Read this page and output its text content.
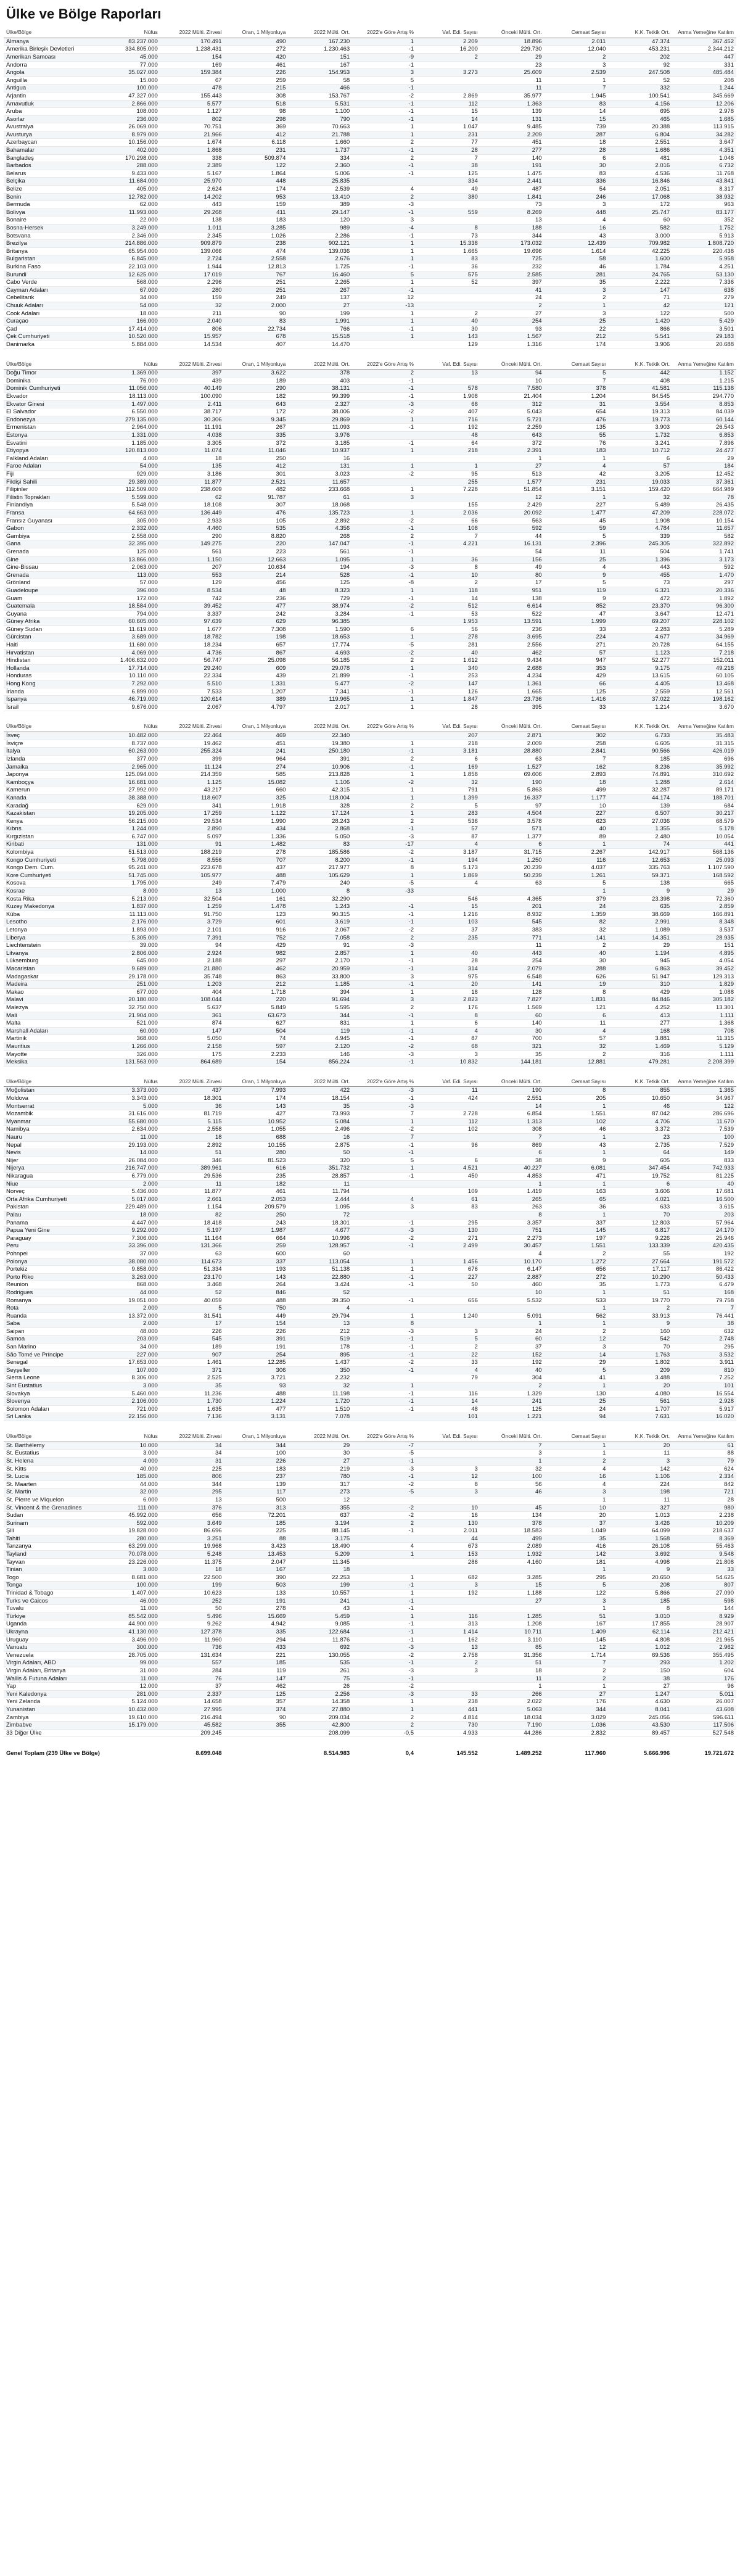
Ülke ve Bölge Raporları
Ülke/Bölge	Nüfus	2022 Mülti. Zirvesi	Oran, 1 Milyonluya	2022 Mülti. Ort.	2022'e Göre Artış %	Vaf. Edi. Sayısı	Önceki Mülti. Ort.	Cemaat Sayısı	K.K. Tetkik Ort.	Anma Yemeğine Katılım
Almanya	83.237.000	170.491	490	167.230	1	2.209	18.896	2.011	47.374	367.452
Amerika Birleşik Devletleri	334.805.000	1.238.431	272	1.230.463	-1	16.200	229.730	12.040	453.231	2.344.212
Amerikan Samoası	45.000	154	420	151	-9	2	29	2	202	447
Andorra	77.000	169	461	167	-1		23	3	92	331
Angola	35.027.000	159.384	226	154.953	3	3.273	25.609	2.539	247.508	485.484
Anguilla	15.000	67	259	58	5		11	1	52	208
Antigua	100.000	478	215	466	-1		11	7	332	1.244
Arjantin	47.327.000	155.443	308	153.767	-2	2.869	35.977	1.945	100.541	345.669
Arnavutluk	2.866.000	5.577	518	5.531	-1	112	1.363	83	4.156	12.206
Aruba	108.000	1.127	98	1.100	-1	15	139	14	695	2.978
Asorlar	236.000	802	298	790	-1	14	131	15	465	1.685
Avustralya	26.069.000	70.751	369	70.663	1	1.047	9.485	739	20.388	113.915
Avusturya	8.979.000	21.966	412	21.788	1	231	2.209	287	6.804	34.282
Azerbaycan	10.156.000	1.674	6.118	1.660	2	77	451	18	2.551	3.647
Bahamalar	402.000	1.868	231	1.737	-1	28	277	28	1.686	4.351
Bangladeş	170.298.000	338	509.874	334	2	7	140	6	481	1.048
Barbados	288.000	2.389	122	2.360	-1	38	191	30	2.016	6.732
Belarus	9.433.000	5.167	1.864	5.006	-1	125	1.475	83	4.536	11.768
Belçika	11.684.000	25.970	448	25.835		334	2.441	336	16.846	43.841
Belize	405.000	2.624	174	2.539	4	49	487	54	2.051	8.317
Benin	12.782.000	14.202	953	13.410	2	380	1.841	246	17.068	38.932
Bermuda	62.000	443	159	389	-3		73	3	172	963
Bolivya	11.993.000	29.268	411	29.147	-1	559	8.269	448	25.747	83.177
Bonaire	22.000	138	183	120	3		13	4	60	352
Bosna-Hersek	3.249.000	1.011	3.285	989	-4	8	188	16	582	1.752
Botsvana	2.346.000	2.345	1.026	2.286	-1	73	344	43	3.000	5.913
Brezilya	214.886.000	909.879	238	902.121	1	15.338	173.032	12.439	709.982	1.808.720
Britanya	65.954.000	139.066	474	139.036	1	1.665	19.696	1.614	42.225	220.438
Bulgaristan	6.845.000	2.724	2.558	2.676	1	83	725	58	1.600	5.958
Burkina Faso	22.103.000	1.944	12.813	1.725	-1	36	232	46	1.784	4.251
Burundi	12.625.000	17.019	767	16.460	5	575	2.585	281	24.765	53.130
Cabo Verde	568.000	2.296	251	2.265	1	52	397	35	2.222	7.336
Cayman Adaları	67.000	280	251	267	-1		41	3	147	638
Cebelitarık	34.000	159	249	137	12		24	2	71	279
Chuuk Adaları	54.000	32	2.000	27	-13		2	1	42	121
Cook Adaları	18.000	211	90	199	1	2	27	3	122	500
Curaçao	166.000	2.040	83	1.991	1	40	254	25	1.420	5.429
Çad	17.414.000	806	22.734	766	-1	30	93	22	866	3.501
Çek Cumhuriyeti	10.520.000	15.957	678	15.518	1	143	1.567	212	5.541	29.183
Danimarka	5.884.000	14.534	407	14.470		129	1.316	174	3.906	20.688
Ülke/Bölge	Nüfus	2022 Mülti. Zirvesi	Oran, 1 Milyonluya	2022 Mülti. Ort.	2022'e Göre Artış %	Vaf. Edi. Sayısı	Önceki Mülti. Ort.	Cemaat Sayısı	K.K. Tetkik Ort.	Anma Yemeğine Katılım
Doğu Timor	1.369.000	397	3.622	378	2	13	94	5	442	1.152
Dominika	76.000	439	189	403	-1		10	7	408	1.215
Dominik Cumhuriyeti	11.056.000	40.149	290	38.131	-1	578	7.580	378	41.581	115.138
Ekvador	18.113.000	100.090	182	99.399	-1	1.908	21.404	1.204	84.545	294.770
Ekvator Ginesi	1.497.000	2.411	643	2.327	-3	68	312	31	3.554	8.853
El Salvador	6.550.000	38.717	172	38.006	-2	407	5.043	654	19.313	84.039
Endonezya	279.135.000	30.306	9.345	29.869	1	716	5.721	476	19.773	60.144
Ermenistan	2.964.000	11.191	267	11.093	-1	192	2.259	135	3.903	26.543
Estonya	1.331.000	4.038	335	3.976		48	643	55	1.732	6.853
Esvatini	1.185.000	3.305	372	3.185	-1	64	372	76	3.241	7.896
Etiyopya	120.813.000	11.074	11.046	10.937	1	218	2.391	183	10.712	24.477
Falkland Adaları	4.000	18	250	16			1	1	6	29
Faroe Adaları	54.000	135	412	131	1	1	27	4	57	184
Fiji	929.000	3.186	301	3.023	-2	95	513	42	3.205	12.452
Fildişi Sahili	29.389.000	11.877	2.521	11.657		255	1.577	231	19.033	37.361
Filipinler	112.509.000	238.609	482	233.668	1	7.228	51.854	3.151	159.420	664.989
Filistin Toprakları	5.599.000	62	91.787	61	3		12	1	32	78
Finlandiya	5.548.000	18.108	307	18.068		155	2.429	227	5.489	26.435
Fransa	64.663.000	136.449	476	135.723	1	2.036	20.092	1.477	47.209	228.072
Fransız Guyanası	305.000	2.933	105	2.892	-2	66	563	45	1.908	10.154
Gabon	2.332.000	4.460	535	4.356	-1	108	592	59	4.784	11.657
Gambiya	2.558.000	290	8.820	268	2	7	44	5	339	582
Gana	32.395.000	149.275	220	147.047	-1	4.221	16.131	2.396	245.305	322.892
Grenada	125.000	561	223	561	-1		54	11	504	1.741
Gine	13.866.000	1.150	12.663	1.095	1	36	156	25	1.396	3.173
Gine-Bissau	2.063.000	207	10.634	194	-3	8	49	4	443	592
Grenada	113.000	553	214	528	-1	10	80	9	455	1.470
Grönland	57.000	129	456	125	-8	2	17	5	73	297
Guadeloupe	396.000	8.534	48	8.323	1	118	951	119	6.321	20.336
Guam	172.000	742	236	729	-1	14	138	9	472	1.892
Guatemala	18.584.000	39.452	477	38.974	-2	512	6.614	852	23.370	96.300
Guyana	794.000	3.337	242	3.284	-1	53	522	47	3.647	12.471
Güney Afrika	60.605.000	97.639	629	96.385		1.953	13.591	1.999	69.207	228.102
Güney Sudan	11.619.000	1.677	7.308	1.590	6	56	236	33	2.283	5.289
Gürcistan	3.689.000	18.782	198	18.653	1	278	3.695	224	4.677	34.969
Haiti	11.680.000	18.234	657	17.774	-5	281	2.556	271	20.728	64.155
Hırvatistan	4.069.000	4.736	867	4.693	-2	40	462	57	1.123	7.218
Hindistan	1.406.632.000	56.747	25.098	56.185	2	1.612	9.434	947	52.277	152.011
Hollanda	17.714.000	29.240	609	29.078	1	340	2.688	353	9.175	49.218
Honduras	10.110.000	22.334	439	21.899	-1	253	4.234	429	13.615	60.105
Hong Kong	7.292.000	5.510	1.331	5.477	-2	147	1.361	66	4.405	13.468
İrlanda	6.899.000	7.533	1.207	7.341	-1	126	1.665	125	2.559	12.561
İspanya	46.719.000	120.614	389	119.965	1	1.847	23.736	1.416	37.022	198.162
İsrail	9.676.000	2.067	4.797	2.017	1	28	395	33	1.214	3.670
Ülke/Bölge	Nüfus	2022 Mülti. Zirvesi	Oran, 1 Milyonluya	2022 Mülti. Ort.	2022'e Göre Artış %	Vaf. Edi. Sayısı	Önceki Mülti. Ort.	Cemaat Sayısı	K.K. Tetkik Ort.	Anma Yemeğine Katılım
İsveç	10.482.000	22.464	469	22.340		207	2.871	302	6.733	35.483
İsviçre	8.737.000	19.462	451	19.380	1	218	2.009	258	6.605	31.315
İtalya	60.263.000	255.324	241	250.180	-1	3.181	28.880	2.841	90.566	426.019
İzlanda	377.000	399	964	391	2	6	63	7	185	696
Jamaika	2.965.000	11.124	274	10.906	-1	169	1.527	162	8.236	35.992
Japonya	125.094.000	214.359	585	213.828	1	1.858	69.606	2.893	74.891	310.692
Kamboçya	16.681.000	1.125	15.082	1.106	-2	32	190	18	1.288	2.614
Kamerun	27.992.000	43.217	660	42.315	1	791	5.863	499	32.287	89.171
Kanada	38.388.000	118.607	325	118.004	1	1.399	16.337	1.177	44.174	188.701
Karadağ	629.000	341	1.918	328	2	5	97	10	139	684
Kazakistan	19.205.000	17.259	1.122	17.124	1	283	4.504	227	6.507	30.217
Kenya	56.215.000	29.534	1.990	28.243	2	536	3.578	623	27.036	68.579
Kıbrıs	1.244.000	2.890	434	2.868	-1	57	571	40	1.355	5.178
Kırgızistan	6.747.000	5.097	1.336	5.050	-3	87	1.377	89	2.480	10.054
Kiribati	131.000	91	1.482	83	-17	4	6	1	74	441
Kolombiya	51.513.000	188.219	278	185.586	-2	3.187	31.715	2.267	142.917	568.136
Kongo Cumhuriyeti	5.798.000	8.556	707	8.200	-1	194	1.250	116	12.653	25.093
Kongo Dem. Cum.	95.241.000	223.678	437	217.977	8	5.173	20.239	4.037	335.763	1.107.590
Kore Cumhuriyeti	51.745.000	105.977	488	105.629	1	1.869	50.239	1.261	59.371	168.592
Kosova	1.795.000	249	7.479	240	-5	4	63	5	138	665
Kosrae	8.000	13	1.000	8	-33			1	9	29
Kosta Rika	5.213.000	32.504	161	32.290		546	4.365	379	23.398	72.360
Kuzey Makedonya	1.837.000	1.259	1.478	1.243	-1	15	201	24	635	2.859
Küba	11.113.000	91.750	123	90.315	-1	1.216	8.932	1.359	38.669	166.891
Lesotho	2.176.000	3.729	601	3.619	-1	103	545	82	2.991	8.348
Letonya	1.893.000	2.101	916	2.067	-2	37	383	32	1.089	3.537
Liberya	5.305.000	7.391	752	7.058	2	235	771	141	14.351	28.935
Liechtenstein	39.000	94	429	91	-3		11	2	29	151
Litvanya	2.806.000	2.924	982	2.857	1	40	443	40	1.194	4.895
Lüksemburg	645.000	2.188	297	2.170	-1	28	254	30	945	4.054
Macaristan	9.689.000	21.880	462	20.959	-1	314	2.079	288	6.863	39.452
Madagaskar	29.178.000	35.748	863	33.800	3	975	6.548	626	51.947	129.313
Madeira	251.000	1.203	212	1.185	-1	20	141	19	310	1.829
Makao	677.000	404	1.718	394	1	18	128	8	429	1.088
Malavi	20.180.000	108.044	220	91.694	3	2.823	7.827	1.831	84.846	305.182
Malezya	32.750.000	5.637	5.849	5.595	2	176	1.569	121	4.252	13.301
Mali	21.904.000	361	63.673	344	-1	8	60	6	413	1.111
Malta	521.000	874	627	831	1	6	140	11	277	1.368
Marshall Adaları	60.000	147	504	119	-1	4	30	4	168	708
Martinik	368.000	5.050	74	4.945	-1	87	700	57	3.881	11.315
Mauritius	1.266.000	2.158	597	2.120	-2	68	321	32	1.469	5.129
Mayotte	326.000	175	2.233	146	-3	3	35	2	316	1.111
Meksika	131.563.000	864.689	154	856.224	-1	10.832	144.181	12.881	479.281	2.208.399
Ülke/Bölge	Nüfus	2022 Mülti. Zirvesi	Oran, 1 Milyonluya	2022 Mülti. Ort.	2022'e Göre Artış %	Vaf. Edi. Sayısı	Önceki Mülti. Ort.	Cemaat Sayısı	K.K. Tetkik Ort.	Anma Yemeğine Katılım
Moğolistan	3.373.000	437	7.993	422	-3	11	190	8	855	1.365
Moldova	3.343.000	18.301	174	18.154	-1	424	2.551	205	10.650	34.967
Montserrat	5.000	36	143	35	-3		14	1	46	122
Mozambik	31.616.000	81.719	427	73.993	7	2.728	6.854	1.551	87.042	286.696
Myanmar	55.680.000	5.115	10.952	5.084	1	112	1.313	102	4.706	11.670
Namibya	2.634.000	2.558	1.055	2.496	-2	102	308	46	3.372	7.539
Nauru	11.000	18	688	16	7		7	1	23	100
Nepal	29.193.000	2.892	10.155	2.875	-1	96	869	43	2.735	7.529
Nevis	14.000	51	280	50	-1		6	1	64	149
Nijer	26.084.000	346	81.523	320	5	6	38	9	605	833
Nijerya	216.747.000	389.961	616	351.732	1	4.521	40.227	6.081	347.454	742.933
Nikaragua	6.779.000	29.536	235	28.857	-1	450	4.853	471	19.752	81.225
Niue	2.000	11	182	11			1	1	6	40
Norveç	5.436.000	11.877	461	11.794		109	1.419	163	3.606	17.681
Orta Afrika Cumhuriyeti	5.017.000	2.661	2.053	2.444	4	61	265	65	4.021	16.500
Pakistan	229.489.000	1.154	209.579	1.095	3	83	263	36	633	3.615
Palau	18.000	82	250	72			8	1	70	203
Panama	4.447.000	18.418	243	18.301	-1	295	3.357	337	12.803	57.964
Papua Yeni Gine	9.292.000	5.197	1.987	4.677	-3	130	751	145	6.817	24.170
Paraguay	7.306.000	11.164	664	10.996	-2	271	2.273	197	9.226	25.946
Peru	33.396.000	131.366	259	128.957	-1	2.499	30.457	1.551	133.339	420.435
Pohnpei	37.000	63	600	60			4	2	55	192
Polonya	38.080.000	114.673	337	113.054	1	1.456	10.170	1.272	27.664	191.572
Portekiz	9.858.000	51.334	193	51.138	1	676	6.147	656	17.117	86.422
Porto Riko	3.263.000	23.170	143	22.880	-1	227	2.887	272	10.290	50.433
Reunion	868.000	3.468	264	3.424	-1	50	460	35	1.773	6.479
Rodrigues	44.000	52	846	52			10	1	51	168
Romanya	19.051.000	40.059	488	39.350	-1	656	5.532	533	19.770	79.758
Rota	2.000	5	750	4				1	2	7
Ruanda	13.372.000	31.541	449	29.794	1	1.240	5.091	562	33.913	76.441
Saba	2.000	17	154	13	8		1	1	9	38
Saipan	48.000	226	226	212	-3	3	24	2	160	632
Samoa	203.000	545	391	519	-1	5	60	12	542	2.748
San Marino	34.000	189	191	178	-1	2	37	3	70	295
São Tomé ve Príncipe	227.000	907	254	895	-1	22	152	14	1.763	3.532
Senegal	17.653.000	1.461	12.285	1.437	-2	33	192	29	1.802	3.911
Seyşeller	107.000	371	306	350	-1	4	40	5	209	810
Sierra Leone	8.306.000	2.525	3.721	2.232		79	304	41	3.488	7.252
Sint Eustatius	3.000	35	93	32	1		2	1	20	101
Slovakya	5.460.000	11.236	488	11.198	-1	116	1.329	130	4.080	16.554
Slovenya	2.106.000	1.730	1.224	1.720	-1	14	241	25	561	2.928
Solomon Adaları	721.000	1.635	477	1.510	-1	48	125	24	1.707	5.917
Sri Lanka	22.156.000	7.136	3.131	7.078		101	1.221	94	7.631	16.020
Ülke/Bölge	Nüfus	2022 Mülti. Zirvesi	Oran, 1 Milyonluya	2022 Mülti. Ort.	2022'e Göre Artış %	Vaf. Edi. Sayısı	Önceki Mülti. Ort.	Cemaat Sayısı	K.K. Tetkik Ort.	Anma Yemeğine Katılım
St. Barthélemy	10.000	34	344	29	-7		7	1	20	61
St. Eustatius	3.000	34	100	30	-5		3	1	11	88
St. Helena	4.000	31	226	27	-1		1	2	3	79
St. Kitts	40.000	225	183	219	-3	3	32	4	142	624
St. Lucia	185.000	806	237	780	-1	12	100	16	1.106	2.334
St. Maarten	44.000	344	139	317	-2	8	56	4	224	842
St. Martin	32.000	295	117	273	-5	3	46	3	198	721
St. Pierre ve Miquelon	6.000	13	500	12				1	11	28
St. Vincent & the Grenadines	111.000	376	313	355	-2	10	45	10	327	980
Sudan	45.992.000	656	72.201	637	-2	16	134	20	1.013	2.238
Surinam	592.000	3.649	185	3.194	2	130	378	37	3.426	10.209
Şili	19.828.000	86.696	225	88.145	-1	2.011	18.583	1.049	64.099	218.637
Tahiti	280.000	3.251	88	3.175		44	499	35	1.568	8.369
Tanzanya	63.299.000	19.968	3.423	18.490	4	673	2.089	416	26.108	55.463
Tayland	70.078.000	5.248	13.453	5.209	1	153	1.932	142	3.692	9.548
Tayvan	23.226.000	11.375	2.047	11.345		286	4.160	181	4.998	21.808
Tinian	3.000	18	167	18				1	9	33
Togo	8.681.000	22.500	390	22.253	1	682	3.285	295	20.650	54.625
Tonga	100.000	199	503	199	-1	3	15	5	208	807
Trinidad & Tobago	1.407.000	10.623	133	10.557	1	192	1.188	122	5.866	27.090
Turks ve Caicos	46.000	252	191	241	-1		27	3	185	598
Tuvalu	11.000	50	278	43	-1			1	8	144
Türkiye	85.542.000	5.496	15.669	5.459	1	116	1.285	51	3.010	8.929
Uganda	44.900.000	9.262	4.942	9.085	-1	313	1.208	167	17.855	28.907
Ukrayna	41.130.000	127.378	335	122.684	-1	1.414	10.711	1.409	62.114	212.421
Uruguay	3.496.000	11.960	294	11.876	-1	162	3.110	145	4.808	21.965
Vanuatu	300.000	736	433	692	-3	13	85	12	1.012	2.962
Venezuela	28.705.000	131.634	221	130.055	-2	2.758	31.356	1.714	69.536	355.495
Virgin Adaları, ABD	99.000	557	185	535	-1	2	51	7	293	1.202
Virgin Adaları, Britanya	31.000	284	119	261	-3	3	18	2	150	604
Wallis & Futuna Adaları	11.000	76	147	75	-1		11	2	38	176
Yap	12.000	37	462	26	-2		1	1	27	96
Yeni Kaledonya	281.000	2.337	125	2.256	-3	33	266	27	1.247	5.011
Yeni Zelanda	5.124.000	14.658	357	14.358	1	238	2.022	176	4.630	26.007
Yunanistan	10.432.000	27.995	374	27.880	1	441	5.063	344	8.041	43.608
Zambiya	19.610.000	216.494	90	209.034	2	4.814	18.034	3.029	245.056	596.611
Zimbabve	15.179.000	45.582	355	42.800	2	730	7.190	1.036	43.530	117.506
33 Diğer Ülke		209.245		208.099	-0,5	4.933	44.286	2.832	89.457	527.548
Genel Toplam (239 Ülke ve Bölge)		8.699.048		8.514.983	0,4	145.552	1.489.252	117.960	5.666.996	19.721.672
